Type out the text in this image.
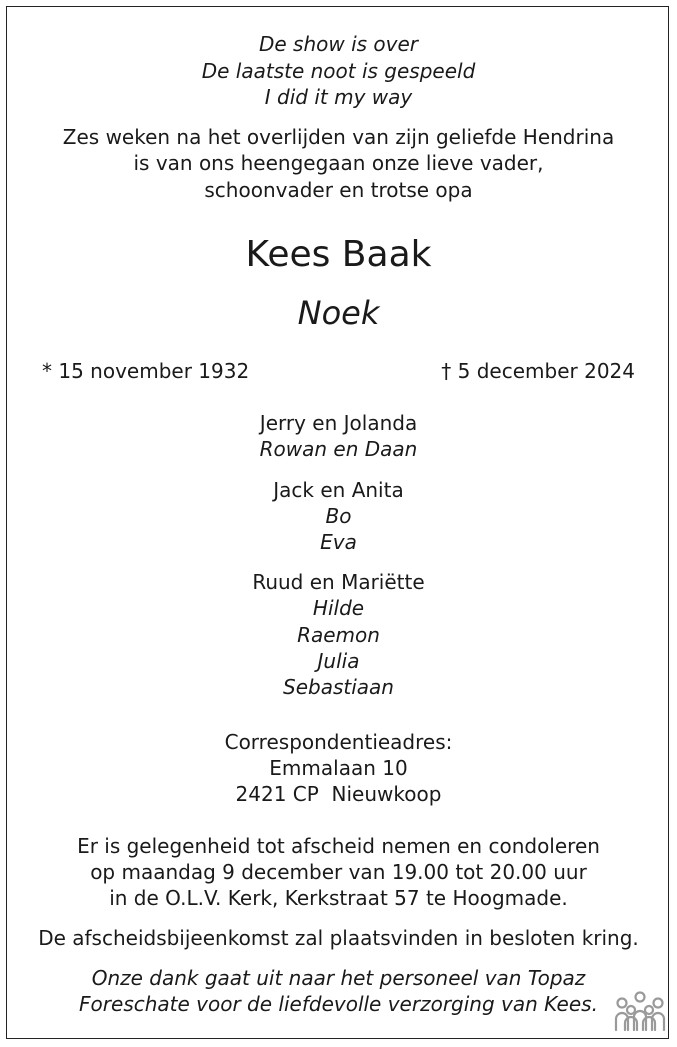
De show is over
De laatste noot is gespeeld
I did it my way
Zes weken na het overlijden van zijn geliefde Hendrina
is van ons heengegaan onze lieve vader,
schoonvader en trotse opa
Kees Baak
Noek
* 15 november 1932	† 5 december 2024
Jerry en Jolanda
Rowan en Daan
Jack en Anita
Bo
Eva
Ruud en Mariëtte
Hilde
Raemon
Julia
Sebastiaan
Correspondentieadres:
Emmalaan 10
2421 CP  Nieuwkoop
Er is gelegenheid tot afscheid nemen en condoleren
op maandag 9 december van 19.00 tot 20.00 uur
in de O.L.V. Kerk, Kerkstraat 57 te Hoogmade.
De afscheidsbijeenkomst zal plaatsvinden in besloten kring.
Onze dank gaat uit naar het personeel van Topaz
Foreschate voor de liefdevolle verzorging van Kees.
